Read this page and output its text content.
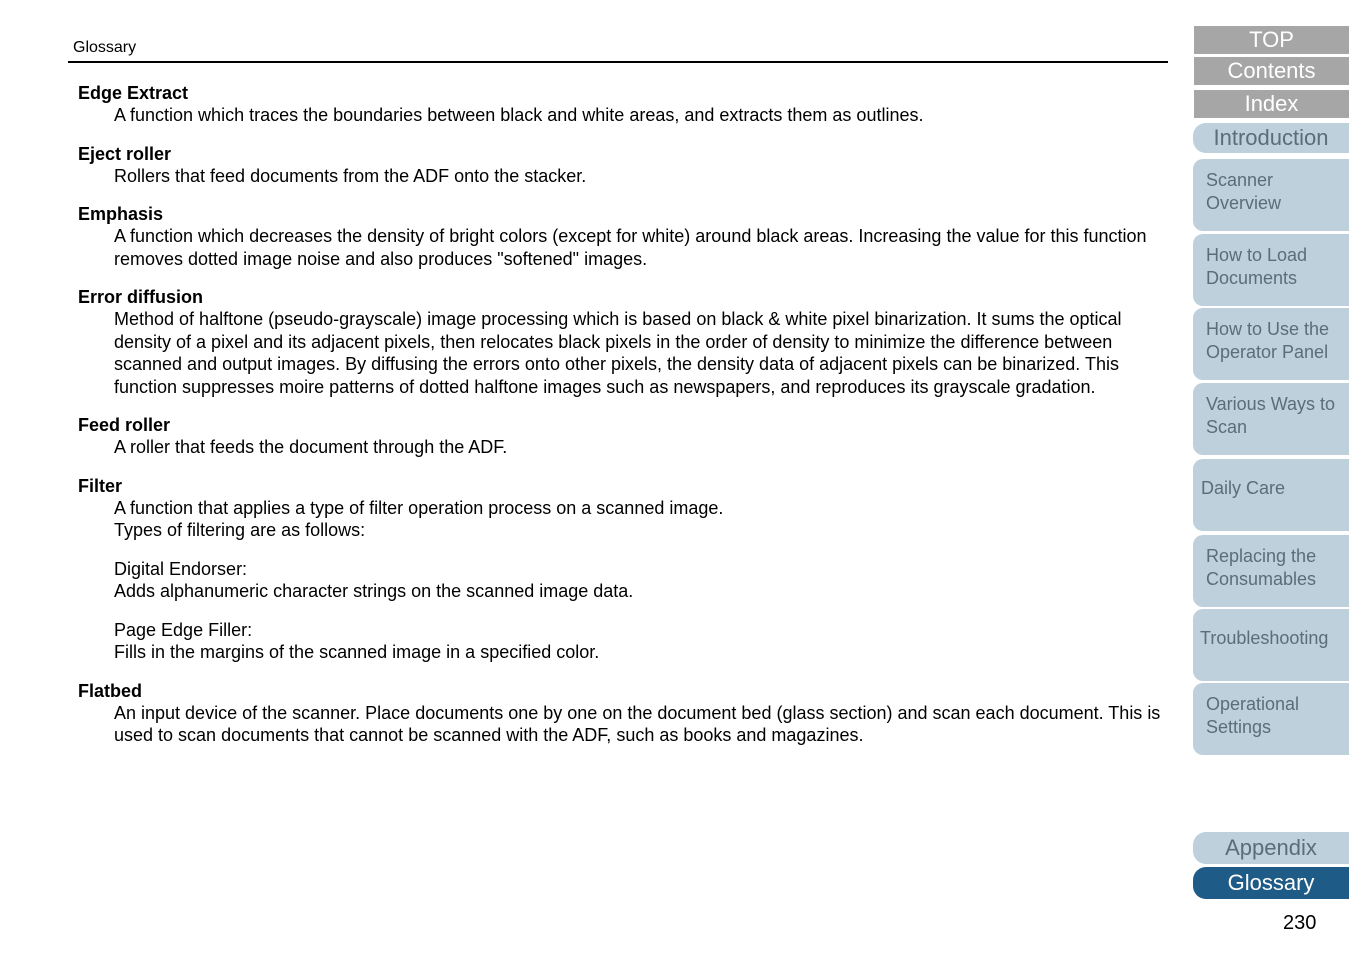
Glossary
Edge Extract

A function which traces the boundaries between black and white areas, and extracts them as outlines.

Eject roller

Rollers that feed documents from the ADF onto the stacker.

Emphasis

A function which decreases the density of bright colors (except for white) around black areas. Increasing the value for this function removes dotted image noise and also produces "softened" images.

Error diffusion

Method of halftone (pseudo-grayscale) image processing which is based on black & white pixel binarization. It sums the optical density of a pixel and its adjacent pixels, then relocates black pixels in the order of density to minimize the difference between scanned and output images. By diffusing the errors onto other pixels, the density data of adjacent pixels can be binarized. This function suppresses moire patterns of dotted halftone images such as newspapers, and reproduces its grayscale gradation.

Feed roller

A roller that feeds the document through the ADF.

Filter

A function that applies a type of filter operation process on a scanned image.

Types of filtering are as follows:

Digital Endorser:

Adds alphanumeric character strings on the scanned image data.

Page Edge Filler:

Fills in the margins of the scanned image in a specified color.

Flatbed

An input device of the scanner. Place documents one by one on the document bed (glass section) and scan each document. This is used to scan documents that cannot be scanned with the ADF, such as books and magazines.

TOP
Contents
Index
Introduction
Scanner
Overview
How to Load
Documents
How to Use the
Operator Panel
Various Ways to
Scan
Daily Care
Replacing the
Consumables
Troubleshooting
Operational
Settings
Appendix
Glossary
230
